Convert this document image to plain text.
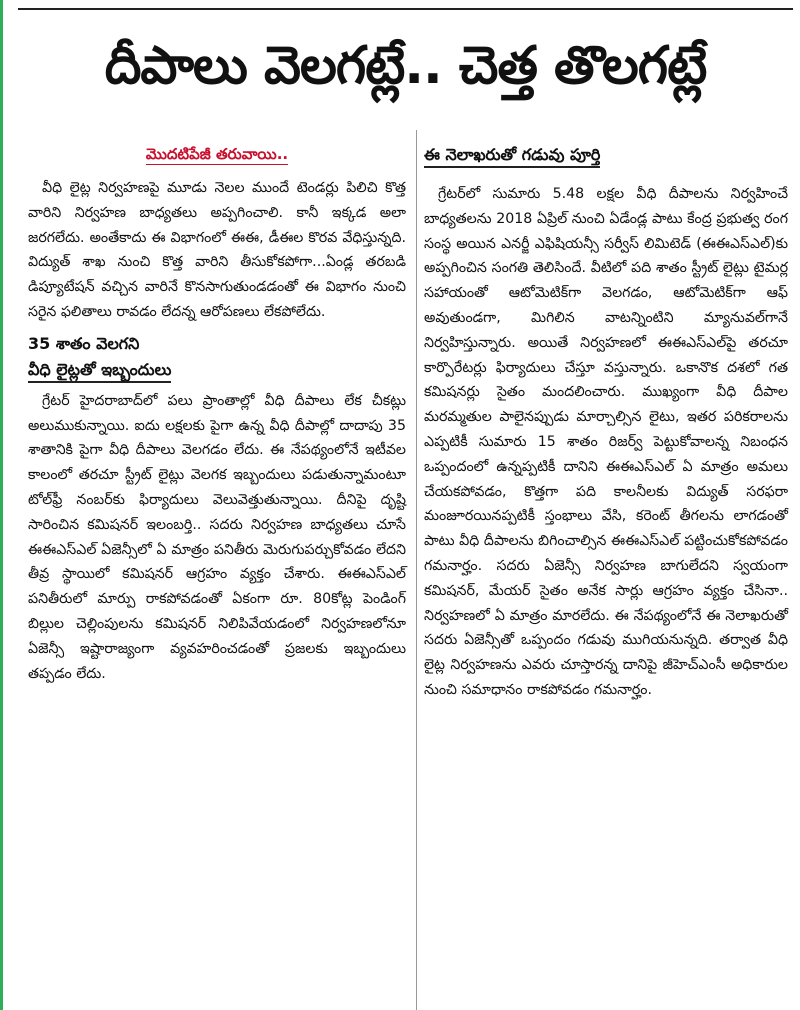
దీపాలు వెలగట్లే.. చెత్త తొలగట్లే

మొదటిపేజీ తరువాయి..

వీధి లైట్ల నిర్వహణపై మూడు నెలల ముందే టెండర్లు పిలిచి కొత్త వారిని నిర్వహణ బాధ్యతలు అప్పగించాలి. కానీ ఇక్కడ అలా జరగలేదు. అంతేకాదు ఈ విభాగంలో ఈఈ, డీఈల కొరవ వేధిస్తున్నది. విద్యుత్ శాఖ నుంచి కొత్త వారిని తీసుకోకపోగా...ఏండ్ల తరబడి డిప్యూటేషన్ వచ్చిన వారినే కొనసాగుతుండడంతో ఈ విభాగం నుంచి సరైన ఫలితాలు రావడం లేదన్న ఆరోపణలు లేకపోలేదు.

35 శాతం వెలగని

వీధి లైట్లతో ఇబ్బందులు

గ్రేటర్ హైదరాబాద్‌లో పలు ప్రాంతాల్లో వీధి దీపాలు లేక చీకట్లు అలుముకున్నాయి. ఐదు లక్షలకు పైగా ఉన్న వీధి దీపాల్లో దాదాపు 35 శాతానికి పైగా వీధి దీపాలు వెలగడం లేదు. ఈ నేపథ్యంలోనే ఇటీవల కాలంలో తరచూ స్ట్రీట్ లైట్లు వెలగక ఇబ్బందులు పడుతున్నామంటూ టోల్‌ఫ్రీ నంబర్‌కు ఫిర్యాదులు వెలువెత్తుతున్నాయి. దీనిపై దృష్టి సారించిన కమిషనర్ ఇలంబర్తి.. సదరు నిర్వహణ బాధ్యతలు చూసే ఈఈఎస్ఎల్ ఏజెన్సీలో ఏ మాత్రం పనితీరు మెరుగుపర్చుకోవడం లేదని తీవ్ర స్థాయిలో కమిషనర్ ఆగ్రహం వ్యక్తం చేశారు. ఈఈఎస్ఎల్ పనితీరులో మార్పు రాకపోవడంతో ఏకంగా రూ. 80కోట్ల పెండింగ్ బిల్లుల చెల్లింపులను కమిషనర్ నిలిపివేయడంలో నిర్వహణలోనూ ఏజెన్సీ ఇష్టారాజ్యంగా వ్యవహరించడంతో ప్రజలకు ఇబ్బందులు తప్పడం లేదు.

ఈ నెలాఖరుతో గడువు పూర్తి

గ్రేటర్‌లో సుమారు 5.48 లక్షల వీధి దీపాలను నిర్వహించే బాధ్యతలను 2018 ఏప్రిల్ నుంచి ఏడేండ్ల పాటు కేంద్ర ప్రభుత్వ రంగ సంస్థ అయిన ఎనర్జీ ఎఫిషియన్సీ సర్వీస్ లిమిటెడ్ (ఈఈఎస్ఎల్)కు అప్పగించిన సంగతి తెలిసిందే. వీటిలో పది శాతం స్ట్రీట్ లైట్లు టైమర్ల సహాయంతో ఆటోమెటిక్‌గా వెలగడం, ఆటోమెటిక్‌గా ఆఫ్ అవుతుండగా, మిగిలిన వాటన్నింటిని మ్యానువల్‌గానే నిర్వహిస్తున్నారు. అయితే నిర్వహణలో ఈఈఎస్ఎల్‌పై తరచూ కార్పొరేటర్లు ఫిర్యాదులు చేస్తూ వస్తున్నారు. ఒకానొక దశలో గత కమిషనర్లు సైతం మందలించారు. ముఖ్యంగా వీధి దీపాల మరమ్మతుల పాలైనప్పుడు మార్చాల్సిన లైటు, ఇతర పరికరాలను ఎప్పటికీ సుమారు 15 శాతం రిజర్వ్ పెట్టుకోవాలన్న నిబంధన ఒప్పందంలో ఉన్నప్పటికీ దానిని ఈఈఎస్ఎల్ ఏ మాత్రం అమలు చేయకపోవడం, కొత్తగా పది కాలనీలకు విద్యుత్ సరఫరా మంజూరయినప్పటికీ స్తంభాలు వేసి, కరెంట్ తీగలను లాగడంతో పాటు వీధి దీపాలను బిగించాల్సిన ఈఈఎస్ఎల్ పట్టించుకోకపోవడం గమనార్హం. సదరు ఏజెన్సీ నిర్వహణ బాగులేదని స్వయంగా కమిషనర్, మేయర్ సైతం అనేక సార్లు ఆగ్రహం వ్యక్తం చేసినా.. నిర్వహణలో ఏ మాత్రం మారలేదు. ఈ నేపథ్యంలోనే ఈ నెలాఖరుతో సదరు ఏజెన్సీతో ఒప్పందం గడువు ముగియనున్నది. తర్వాత వీధి లైట్ల నిర్వహణను ఎవరు చూస్తారన్న దానిపై జీహెచ్‌ఎంసీ అధికారుల నుంచి సమాధానం రాకపోవడం గమనార్హం.
